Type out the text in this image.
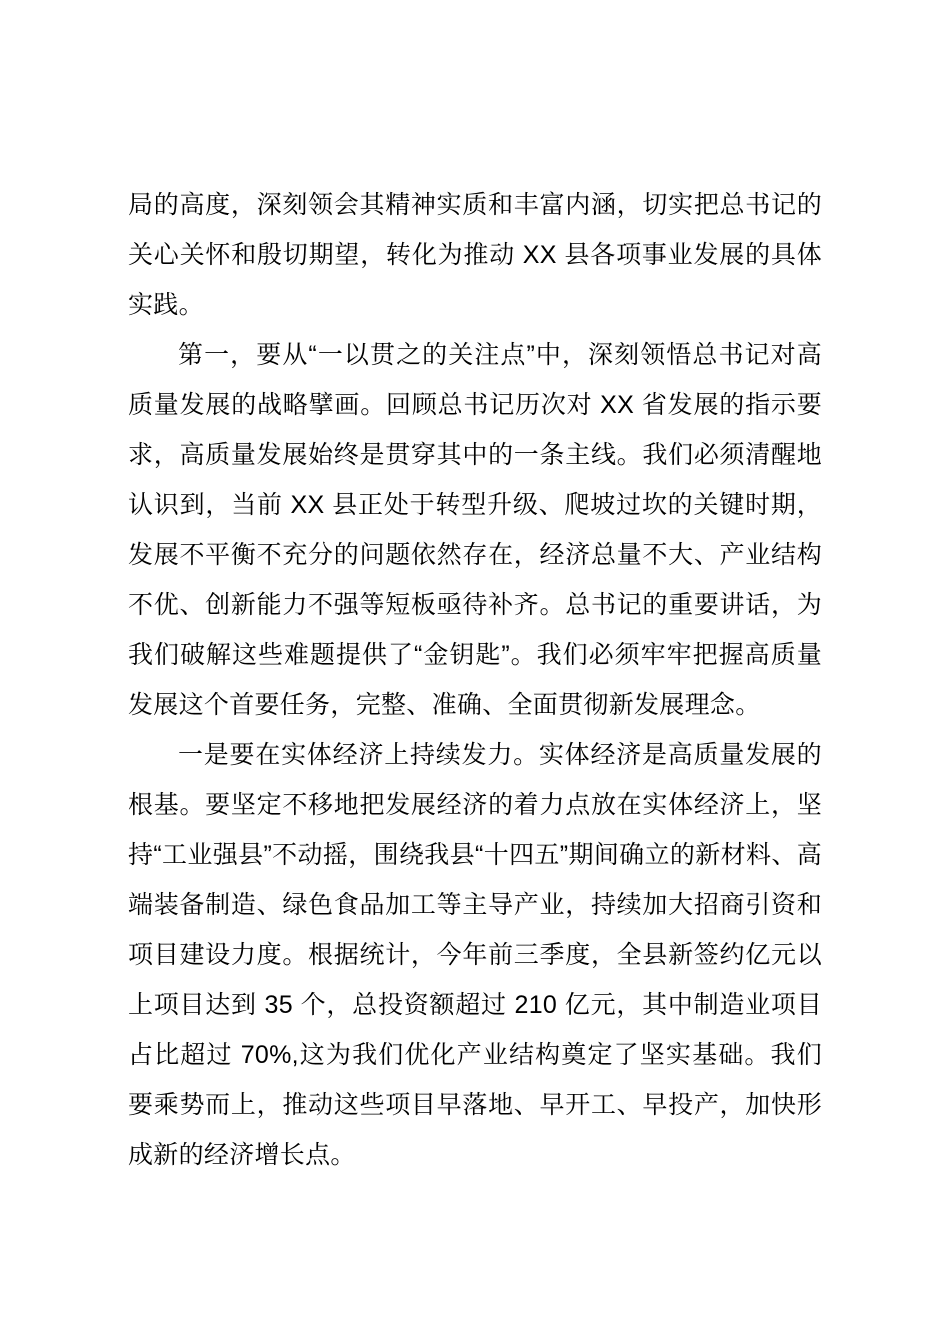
局的高度，深刻领会其精神实质和丰富内涵，切实把总书记的关心关怀和殷切期望，转化为推动 XX 县各项事业发展的具体实践。

第一，要从“一以贯之的关注点”中，深刻领悟总书记对高质量发展的战略擘画。回顾总书记历次对 XX 省发展的指示要求，高质量发展始终是贯穿其中的一条主线。我们必须清醒地认识到，当前 XX 县正处于转型升级、爬坡过坎的关键时期，发展不平衡不充分的问题依然存在，经济总量不大、产业结构不优、创新能力不强等短板亟待补齐。总书记的重要讲话，为我们破解这些难题提供了“金钥匙”。我们必须牢牢把握高质量发展这个首要任务，完整、准确、全面贯彻新发展理念。

一是要在实体经济上持续发力。实体经济是高质量发展的根基。要坚定不移地把发展经济的着力点放在实体经济上，坚持“工业强县”不动摇，围绕我县“十四五”期间确立的新材料、高端装备制造、绿色食品加工等主导产业，持续加大招商引资和项目建设力度。根据统计，今年前三季度，全县新签约亿元以上项目达到 35 个，总投资额超过 210 亿元，其中制造业项目占比超过 70%,这为我们优化产业结构奠定了坚实基础。我们要乘势而上，推动这些项目早落地、早开工、早投产，加快形成新的经济增长点。
